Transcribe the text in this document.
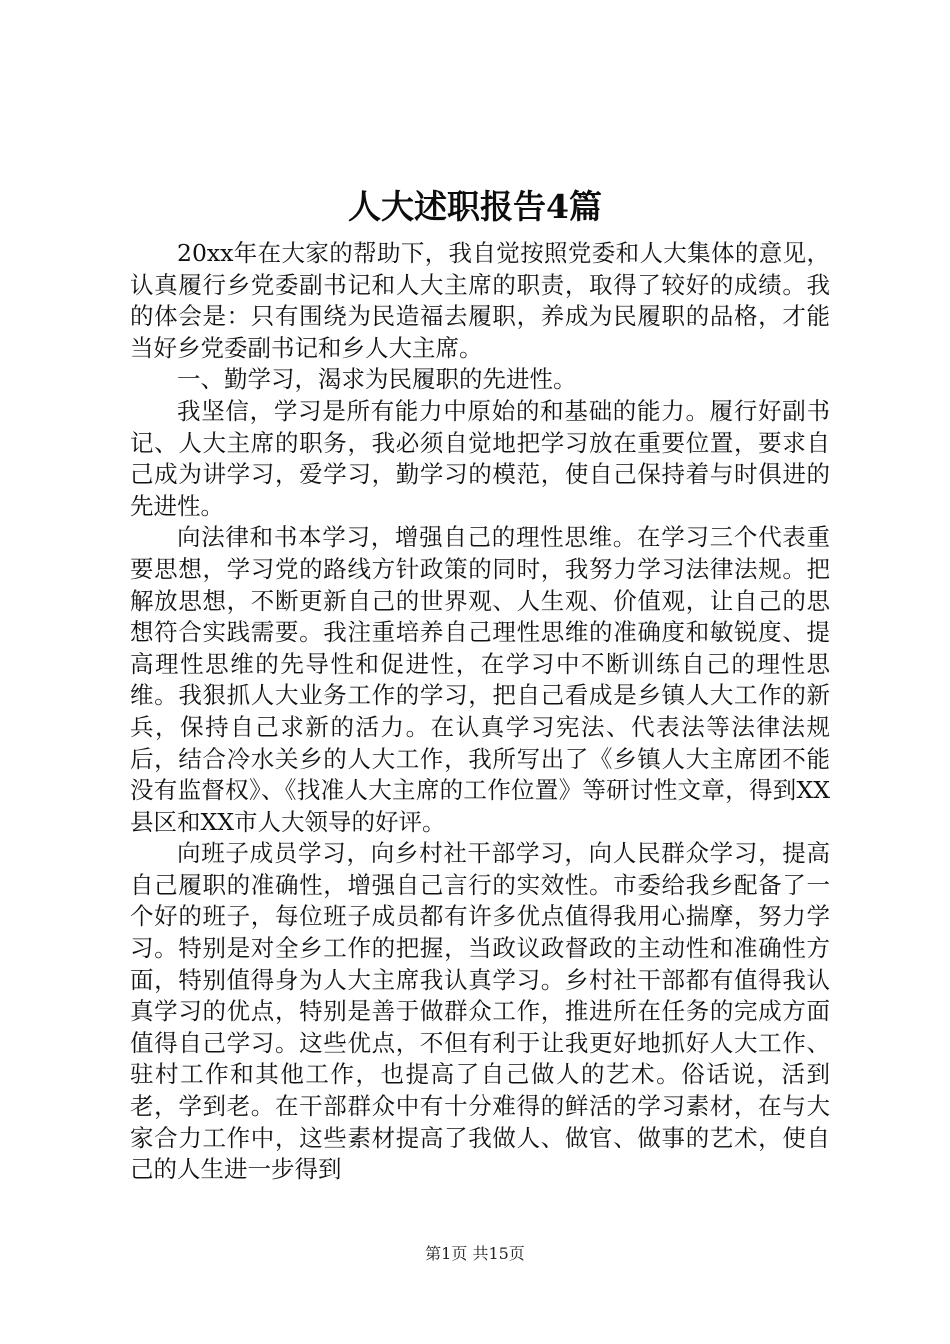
人大述职报告4篇

20xx年在大家的帮助下，我自觉按照党委和人大集体的意见，认真履行乡党委副书记和人大主席的职责，取得了较好的成绩。我的体会是：只有围绕为民造福去履职，养成为民履职的品格，才能当好乡党委副书记和乡人大主席。

一、勤学习，渴求为民履职的先进性。

我坚信，学习是所有能力中原始的和基础的能力。履行好副书记、人大主席的职务，我必须自觉地把学习放在重要位置，要求自己成为讲学习，爱学习，勤学习的模范，使自己保持着与时俱进的先进性。

向法律和书本学习，增强自己的理性思维。在学习三个代表重要思想，学习党的路线方针政策的同时，我努力学习法律法规。把解放思想，不断更新自己的世界观、人生观、价值观，让自己的思想符合实践需要。我注重培养自己理性思维的准确度和敏锐度、提高理性思维的先导性和促进性，在学习中不断训练自己的理性思维。我狠抓人大业务工作的学习，把自己看成是乡镇人大工作的新兵，保持自己求新的活力。在认真学习宪法、代表法等法律法规后，结合冷水关乡的人大工作，我所写出了《乡镇人大主席团不能没有监督权》、《找准人大主席的工作位置》等研讨性文章，得到XX县区和XX市人大领导的好评。

向班子成员学习，向乡村社干部学习，向人民群众学习，提高自己履职的准确性，增强自己言行的实效性。市委给我乡配备了一个好的班子，每位班子成员都有许多优点值得我用心揣摩，努力学习。特别是对全乡工作的把握，当政议政督政的主动性和准确性方面，特别值得身为人大主席我认真学习。乡村社干部都有值得我认真学习的优点，特别是善于做群众工作，推进所在任务的完成方面值得自己学习。这些优点，不但有利于让我更好地抓好人大工作、驻村工作和其他工作，也提高了自己做人的艺术。俗话说，活到老，学到老。在干部群众中有十分难得的鲜活的学习素材，在与大家合力工作中，这些素材提高了我做人、做官、做事的艺术，使自己的人生进一步得到

第1页 共15页
